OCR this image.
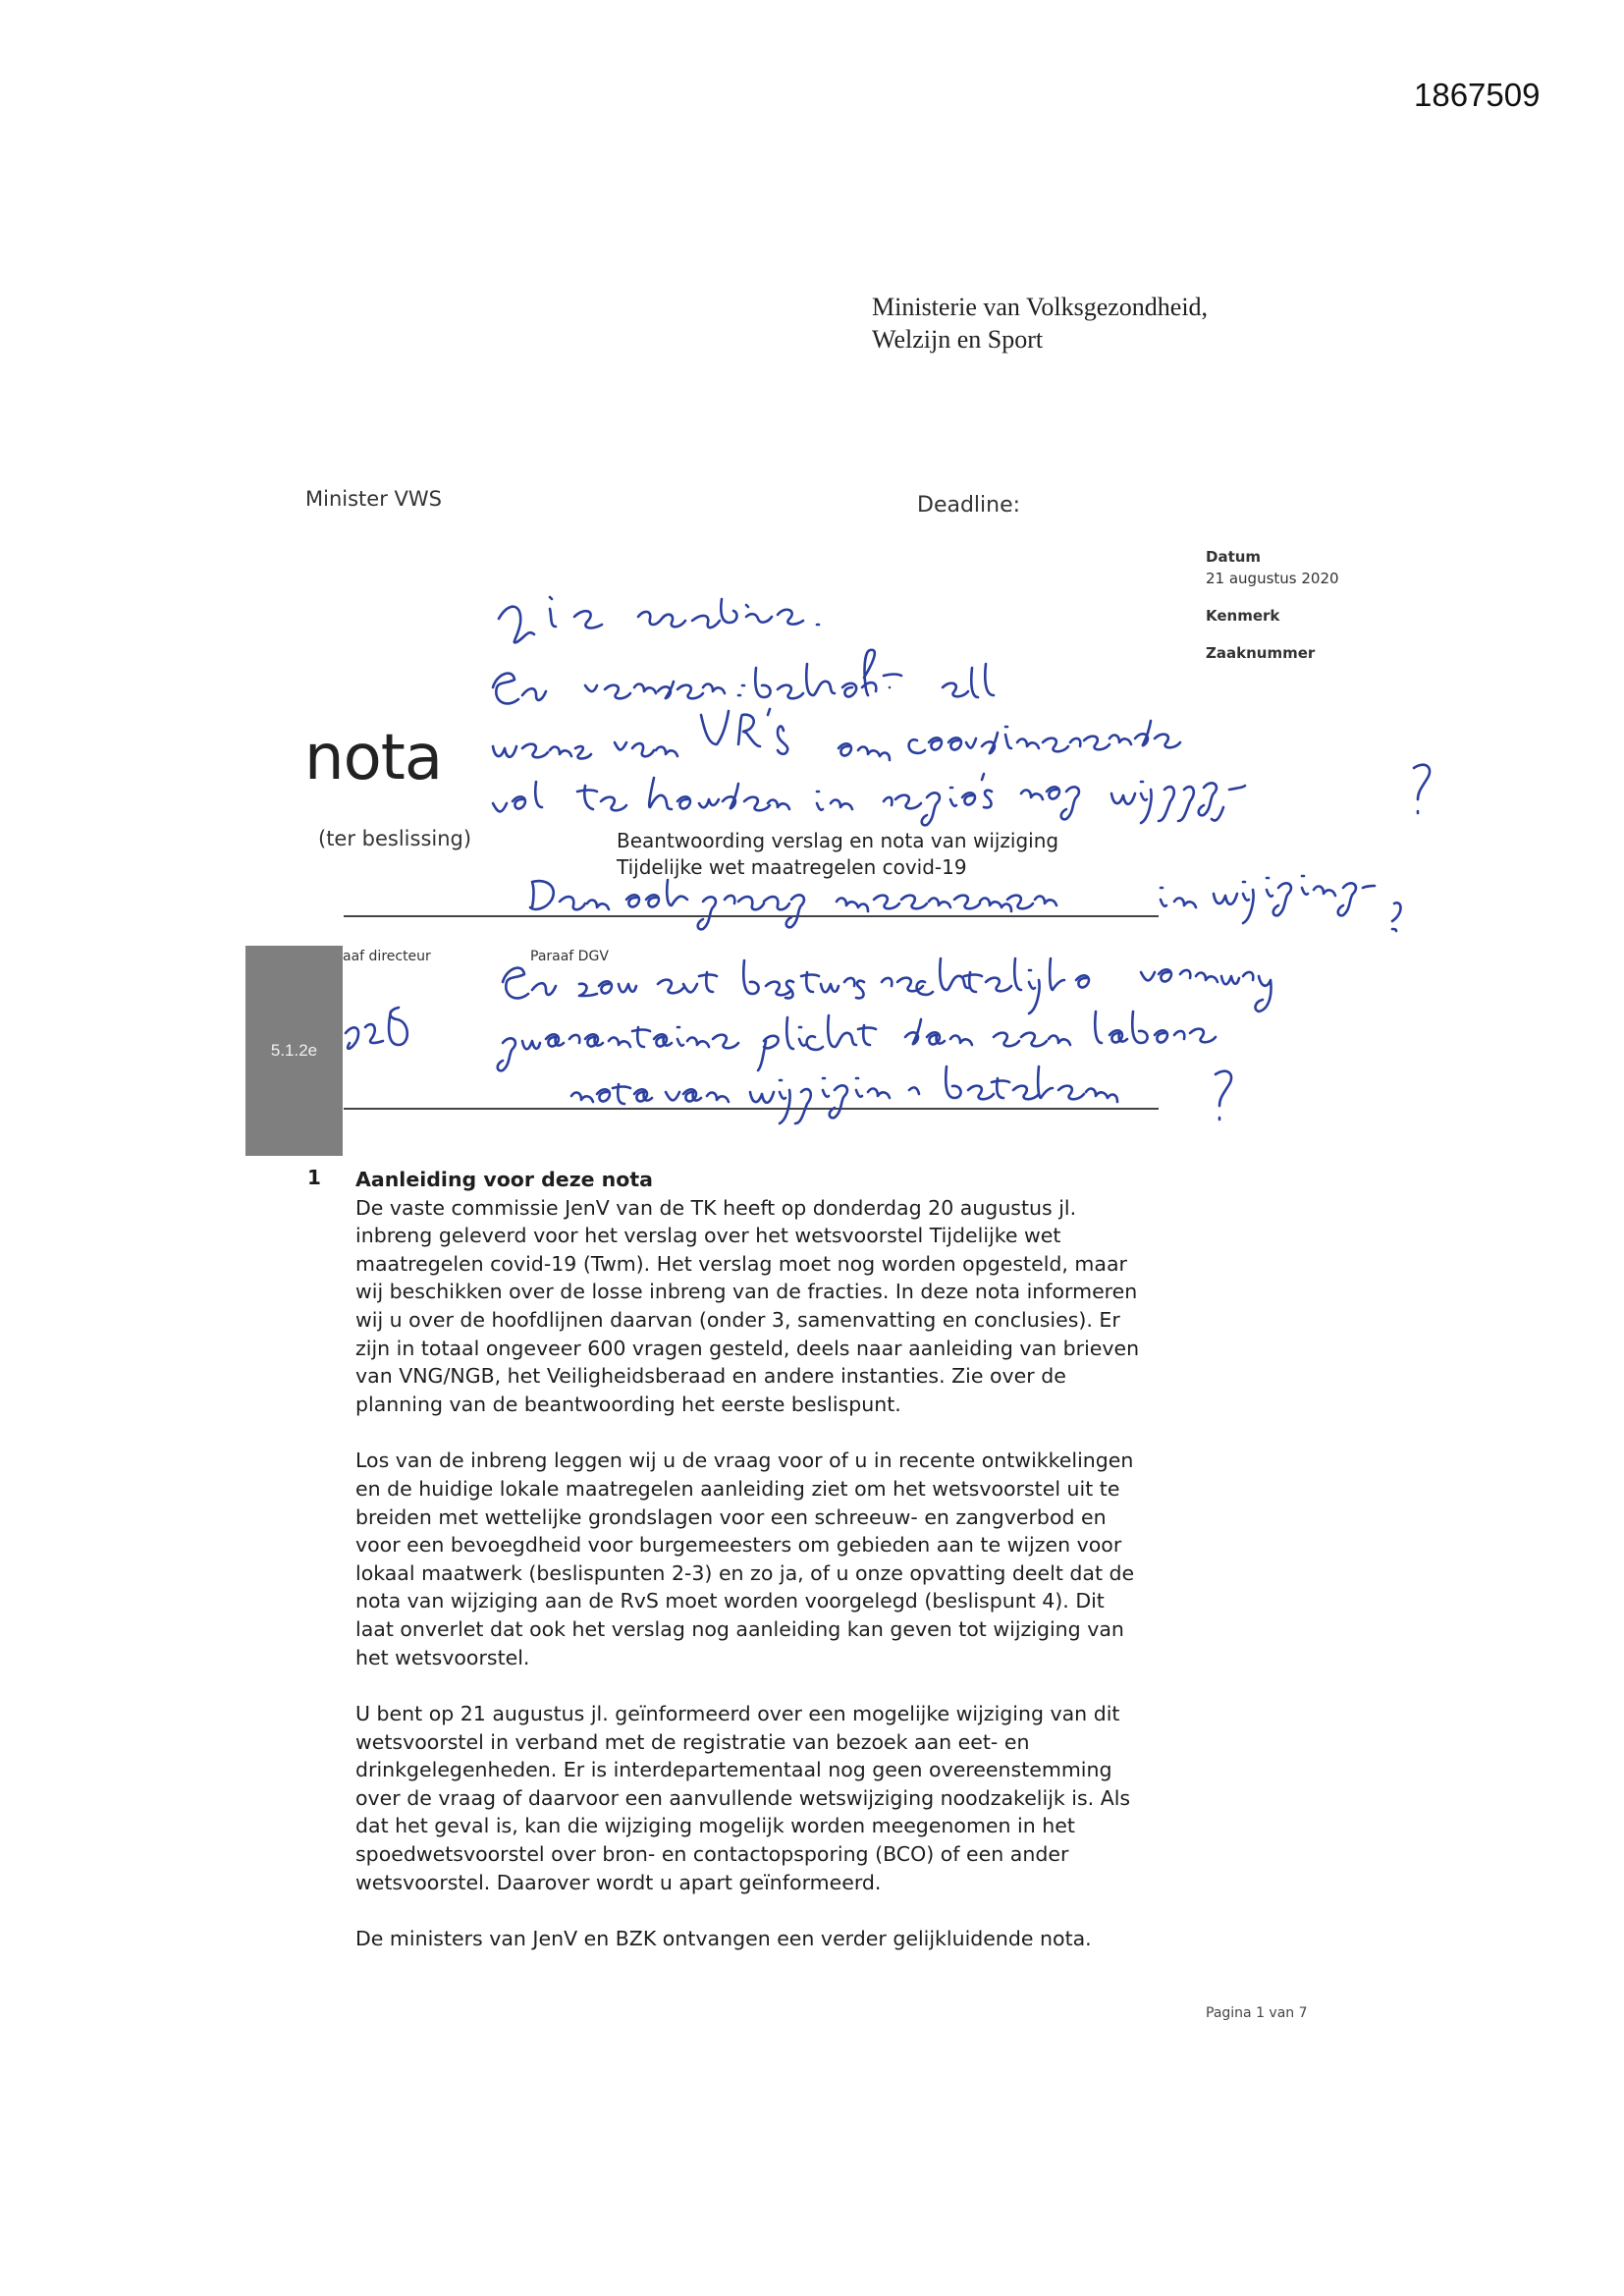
1867509
Ministerie van Volksgezondheid,
Welzijn en Sport
Minister VWS	Deadline:
Datum
21 augustus 2020
Kenmerk
Zaaknummer
nota
(ter beslissing)	Beantwoording verslag en nota van wijziging
Tijdelijke wet maatregelen covid-19
aaf directeur	Paraaf DGV
5.1.2e
1 Aanleiding voor deze nota

De vaste commissie JenV van de TK heeft op donderdag 20 augustus jl.
inbreng geleverd voor het verslag over het wetsvoorstel Tijdelijke wet
maatregelen covid-19 (Twm). Het verslag moet nog worden opgesteld, maar
wij beschikken over de losse inbreng van de fracties. In deze nota informeren
wij u over de hoofdlijnen daarvan (onder 3, samenvatting en conclusies). Er
zijn in totaal ongeveer 600 vragen gesteld, deels naar aanleiding van brieven
van VNG/NGB, het Veiligheidsberaad en andere instanties. Zie over de
planning van de beantwoording het eerste beslispunt.

Los van de inbreng leggen wij u de vraag voor of u in recente ontwikkelingen
en de huidige lokale maatregelen aanleiding ziet om het wetsvoorstel uit te
breiden met wettelijke grondslagen voor een schreeuw- en zangverbod en
voor een bevoegdheid voor burgemeesters om gebieden aan te wijzen voor
lokaal maatwerk (beslispunten 2-3) en zo ja, of u onze opvatting deelt dat de
nota van wijziging aan de RvS moet worden voorgelegd (beslispunt 4). Dit
laat onverlet dat ook het verslag nog aanleiding kan geven tot wijziging van
het wetsvoorstel.

U bent op 21 augustus jl. geïnformeerd over een mogelijke wijziging van dit
wetsvoorstel in verband met de registratie van bezoek aan eet- en
drinkgelegenheden. Er is interdepartementaal nog geen overeenstemming
over de vraag of daarvoor een aanvullende wetswijziging noodzakelijk is. Als
dat het geval is, kan die wijziging mogelijk worden meegenomen in het
spoedwetsvoorstel over bron- en contactopsporing (BCO) of een ander
wetsvoorstel. Daarover wordt u apart geïnformeerd.

De ministers van JenV en BZK ontvangen een verder gelijkluidende nota.

Pagina 1 van 7
